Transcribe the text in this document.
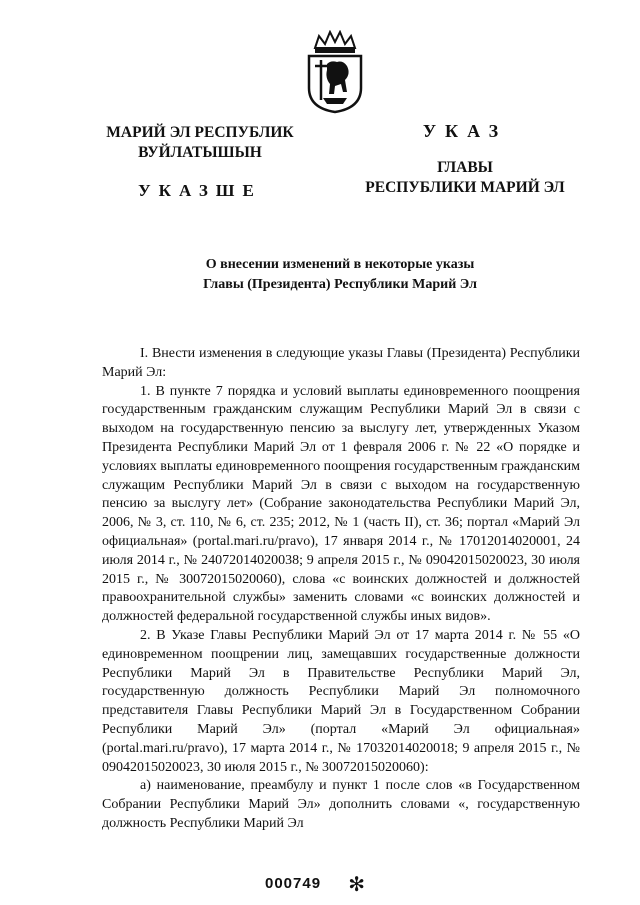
МАРИЙ ЭЛ РЕСПУБЛИК
ВУЙЛАТЫШЫН
УКАЗШЕ
УКАЗ
ГЛАВЫ
РЕСПУБЛИКИ МАРИЙ ЭЛ
О внесении изменений в некоторые указы
Главы (Президента) Республики Марий Эл

I. Внести изменения в следующие указы Главы (Президента) Республики Марий Эл:

1. В пункте 7 порядка и условий выплаты единовременного поощрения государственным гражданским служащим Республики Марий Эл в связи с выходом на государственную пенсию за выслугу лет, утвержденных Указом Президента Республики Марий Эл от 1 февраля 2006 г. № 22 «О порядке и условиях выплаты единовременного поощрения государственным гражданским служащим Республики Марий Эл в связи с выходом на государственную пенсию за выслугу лет» (Собрание законодательства Республики Марий Эл, 2006, № 3, ст. 110, № 6, ст. 235; 2012, № 1 (часть II), ст. 36; портал «Марий Эл официальная» (portal.mari.ru/pravo), 17 января 2014 г., № 17012014020001, 24 июля 2014 г., № 24072014020038; 9 апреля 2015 г., № 09042015020023, 30 июля 2015 г., № 30072015020060), слова «с воинских должностей и должностей правоохранительной службы» заменить словами «с воинских должностей и должностей федеральной государственной службы иных видов».

2. В Указе Главы Республики Марий Эл от 17 марта 2014 г. № 55 «О единовременном поощрении лиц, замещавших государственные должности Республики Марий Эл в Правительстве Республики Марий Эл, государственную должность Республики Марий Эл полномочного представителя Главы Республики Марий Эл в Государственном Собрании Республики Марий Эл» (портал «Марий Эл официальная» (portal.mari.ru/pravo), 17 марта 2014 г., № 17032014020018; 9 апреля 2015 г., № 09042015020023, 30 июля 2015 г., № 30072015020060):

а) наименование, преамбулу и пункт 1 после слов «в Государственном Собрании Республики Марий Эл» дополнить словами «, государственную должность Республики Марий Эл

000749 ✻
